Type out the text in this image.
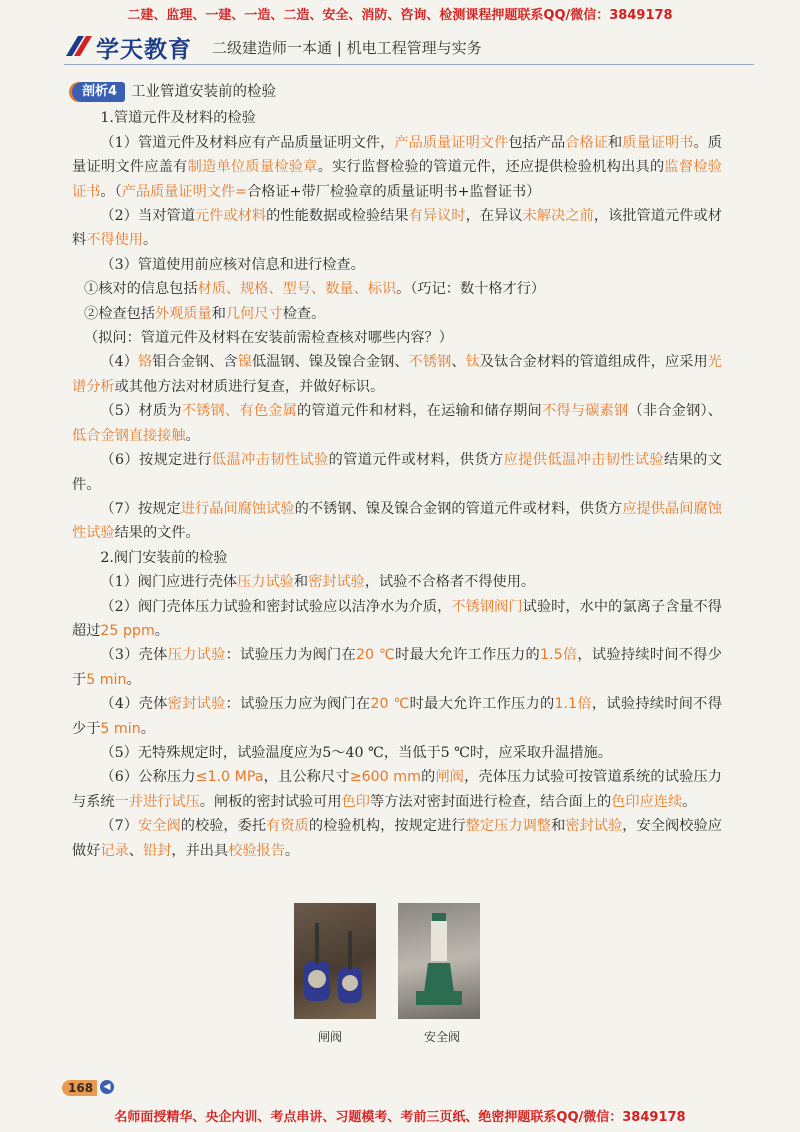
二建、监理、一建、一造、二造、安全、消防、咨询、检测课程押题联系QQ/微信：3849178
学天教育 二级建造师一本通 | 机电工程管理与实务
剖析4 工业管道安装前的检验

1.管道元件及材料的检验

（1）管道元件及材料应有产品质量证明文件，产品质量证明文件包括产品合格证和质量证明书。质量证明文件应盖有制造单位质量检验章。实行监督检验的管道元件，还应提供检验机构出具的监督检验证书。（产品质量证明文件=合格证+带厂检验章的质量证明书+监督证书）

（2）当对管道元件或材料的性能数据或检验结果有异议时，在异议未解决之前，该批管道元件或材料不得使用。

（3）管道使用前应核对信息和进行检查。

①核对的信息包括材质、规格、型号、数量、标识。（巧记：数十格才行）

②检查包括外观质量和几何尺寸检查。

（拟问：管道元件及材料在安装前需检查核对哪些内容？）

（4）铬钼合金钢、含镍低温钢、镍及镍合金钢、不锈钢、钛及钛合金材料的管道组成件，应采用光谱分析或其他方法对材质进行复查，并做好标识。

（5）材质为不锈钢、有色金属的管道元件和材料，在运输和储存期间不得与碳素钢（非合金钢）、低合金钢直接接触。

（6）按规定进行低温冲击韧性试验的管道元件或材料，供货方应提供低温冲击韧性试验结果的文件。

（7）按规定进行晶间腐蚀试验的不锈钢、镍及镍合金钢的管道元件或材料，供货方应提供晶间腐蚀性试验结果的文件。

2.阀门安装前的检验

（1）阀门应进行壳体压力试验和密封试验，试验不合格者不得使用。

（2）阀门壳体压力试验和密封试验应以洁净水为介质，不锈钢阀门试验时，水中的氯离子含量不得超过25 ppm。

（3）壳体压力试验：试验压力为阀门在20 ℃时最大允许工作压力的1.5倍，试验持续时间不得少于5 min。

（4）壳体密封试验：试验压力应为阀门在20 ℃时最大允许工作压力的1.1倍，试验持续时间不得少于5 min。

（5）无特殊规定时，试验温度应为5～40 ℃，当低于5 ℃时，应采取升温措施。

（6）公称压力≤1.0 MPa，且公称尺寸≥600 mm的闸阀，壳体压力试验可按管道系统的试验压力与系统一并进行试压。闸板的密封试验可用色印等方法对密封面进行检查，结合面上的色印应连续。

（7）安全阀的校验，委托有资质的检验机构，按规定进行整定压力调整和密封试验，安全阀校验应做好记录、铅封，并出具校验报告。

闸阀	安全阀
168	◀
名师面授精华、央企内训、考点串讲、习题模考、考前三页纸、绝密押题联系QQ/微信：3849178
